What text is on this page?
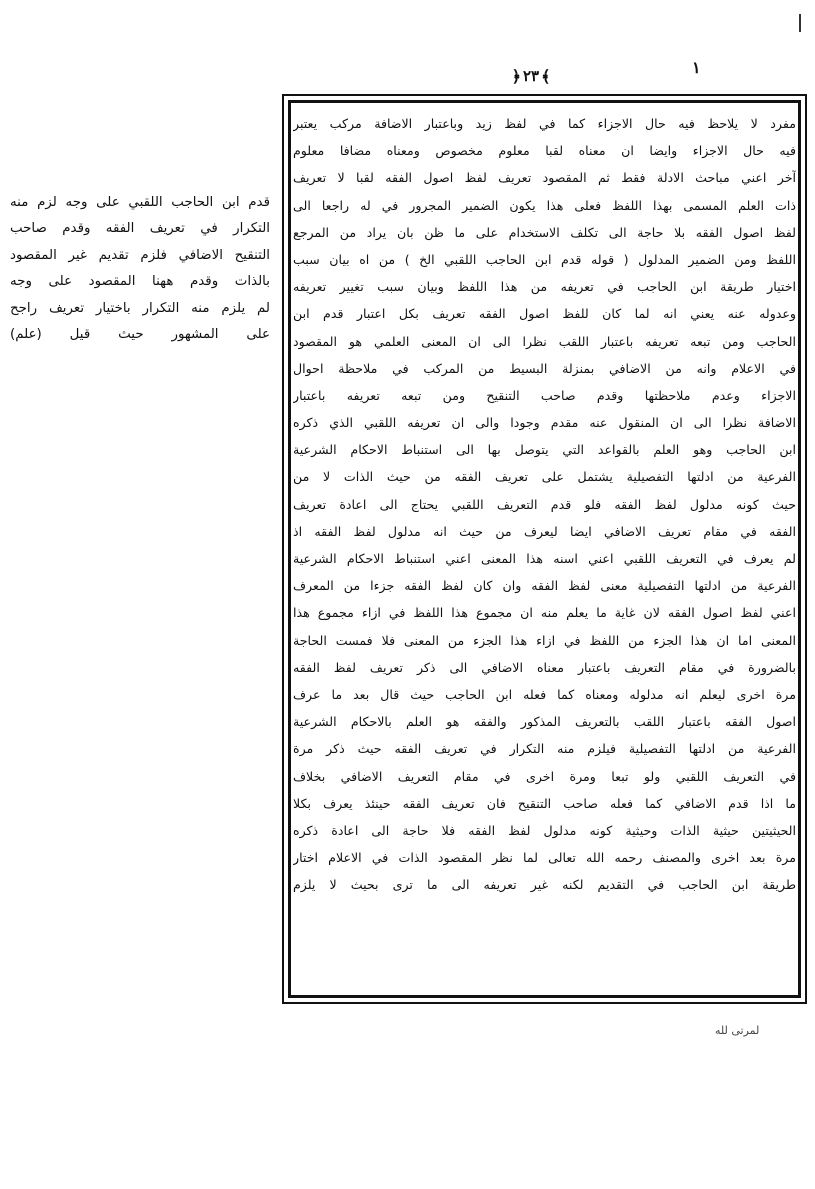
١
﴿ ٢٣ ﴾
مفرد لا يلاحظ فيه حال الاجزاء كما في لفظ زيد وباعتبار الاضافة مركب يعتبر
فيه حال الاجزاء وايضا ان معناه لقبا معلوم مخصوص ومعناه مضافا معلوم
آخر اعني مباحث الادلة فقط ثم المقصود تعريف لفظ اصول الفقه لقبا لا تعريف
ذات العلم المسمى بهذا اللفظ فعلى هذا يكون الضمير المجرور في له راجعا الى
لفظ اصول الفقه بلا حاجة الى تكلف الاستخدام على ما ظن بان يراد من المرجع
اللفظ ومن الضمير المدلول ( قوله قدم ابن الحاجب اللقبي الخ ) من اه بيان سبب
اختيار طريقة ابن الحاجب في تعريفه من هذا اللفظ وبيان سبب تغيير تعريفه
وعدوله عنه يعني انه لما كان للفظ اصول الفقه تعريف بكل اعتبار قدم ابن
الحاجب ومن تبعه تعريفه باعتبار اللقب نظرا الى ان المعنى العلمي هو المقصود
في الاعلام وانه من الاضافي بمنزلة البسيط من المركب في ملاحظة احوال
الاجزاء وعدم ملاحظتها وقدم صاحب التنقيح ومن تبعه تعريفه باعتبار
الاضافة نظرا الى ان المنقول عنه مقدم وجودا والى ان تعريفه اللقبي الذي ذكره
ابن الحاجب وهو العلم بالقواعد التي يتوصل بها الى استنباط الاحكام الشرعية
الفرعية من ادلتها التفصيلية يشتمل على تعريف الفقه من حيث الذات لا من
حيث كونه مدلول لفظ الفقه فلو قدم التعريف اللقبي يحتاج الى اعادة تعريف
الفقه في مقام تعريف الاضافي ايضا ليعرف من حيث انه مدلول لفظ الفقه اذ
لم يعرف في التعريف اللقبي اعني اسنه هذا المعنى اعني استنباط الاحكام الشرعية
الفرعية من ادلتها التفصيلية معنى لفظ الفقه وان كان لفظ الفقه جزءا من المعرف
اعني لفظ اصول الفقه لان غاية ما يعلم منه ان مجموع هذا اللفظ في ازاء مجموع هذا
المعنى اما ان هذا الجزء من اللفظ في ازاء هذا الجزء من المعنى فلا فمست الحاجة
بالضرورة في مقام التعريف باعتبار معناه الاضافي الى ذكر تعريف لفظ الفقه
مرة اخرى ليعلم انه مدلوله ومعناه كما فعله ابن الحاجب حيث قال بعد ما عرف
اصول الفقه باعتبار اللقب بالتعريف المذكور والفقه هو العلم بالاحكام الشرعية
الفرعية من ادلتها التفصيلية فيلزم منه التكرار في تعريف الفقه حيث ذكر مرة
في التعريف اللقبي ولو تبعا ومرة اخرى في مقام التعريف الاضافي بخلاف
ما اذا قدم الاضافي كما فعله صاحب التنقيح فان تعريف الفقه حينئذ يعرف بكلا
الحيثيتين حيثية الذات وحيثية كونه مدلول لفظ الفقه فلا حاجة الى اعادة ذكره
مرة بعد اخرى والمصنف رحمه الله تعالى لما نظر المقصود الذات في الاعلام اختار
طريقة ابن الحاجب في التقديم لكنه غير تعريفه الى ما ترى بحيث لا يلزم
قدم ابن الحاجب اللقبي على وجه لزم منه
التكرار في تعريف الفقه وقدم صاحب
التنقيح الاضافي فلزم تقديم غير المقصود
بالذات وقدم ههنا المقصود على وجه
لم يلزم منه التكرار باختيار تعريف راجح
على المشهور حيث قيل (علم)
لمرتی لله
